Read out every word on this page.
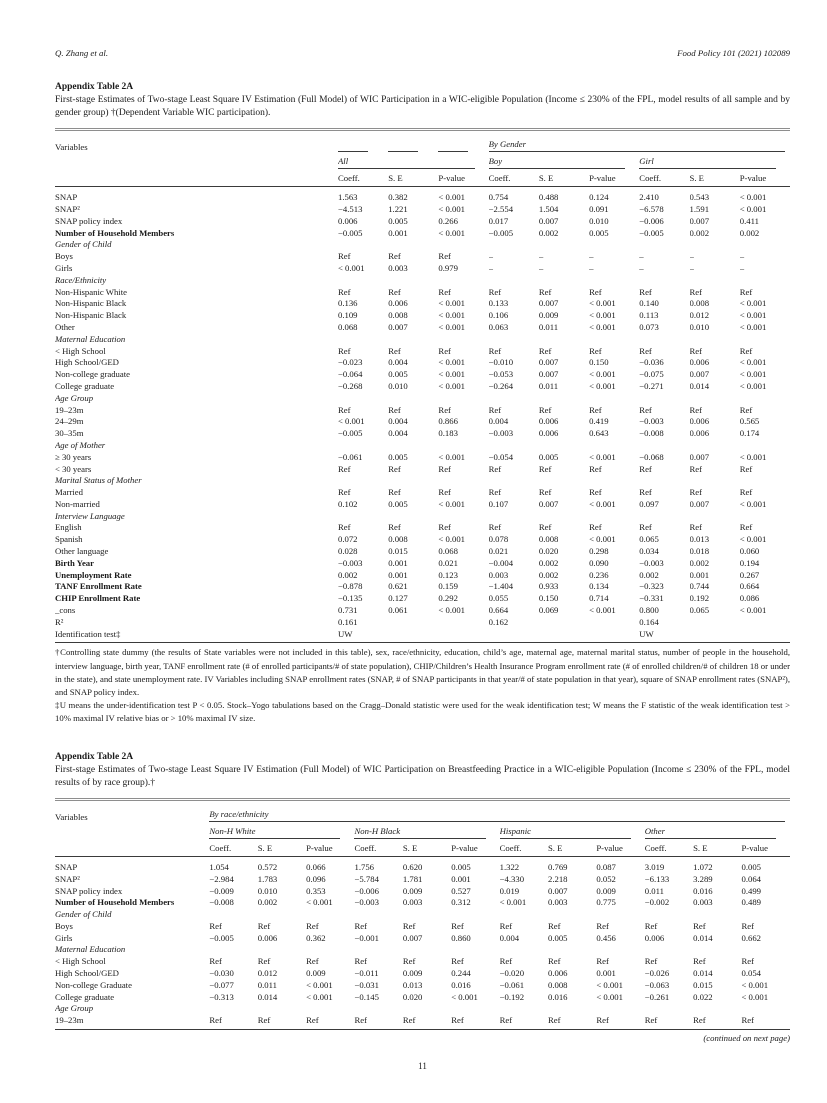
Q. Zhang et al.	Food Policy 101 (2021) 102089
Appendix Table 2A
First-stage Estimates of Two-stage Least Square IV Estimation (Full Model) of WIC Participation in a WIC-eligible Population (Income ≤ 230% of the FPL, model results of all sample and by gender group) †(Dependent Variable WIC participation).
Variables				By Gender					

	All			Boy			Girl		

	Coeff.	S. E	P-value	Coeff.	S. E	P-value	Coeff.	S. E	P-value
SNAP	1.563	0.382	< 0.001	0.754	0.488	0.124	2.410	0.543	< 0.001
SNAP²	−4.513	1.221	< 0.001	−2.554	1.504	0.091	−6.578	1.591	< 0.001
SNAP policy index	0.006	0.005	0.266	0.017	0.007	0.010	−0.006	0.007	0.411
Number of Household Members	−0.005	0.001	< 0.001	−0.005	0.002	0.005	−0.005	0.002	0.002
Gender of Child									
Boys	Ref	Ref	Ref	–	–	–	–	–	–
Girls	< 0.001	0.003	0.979	–	–	–	–	–	–
Race/Ethnicity									
Non-Hispanic White	Ref	Ref	Ref	Ref	Ref	Ref	Ref	Ref	Ref
Non-Hispanic Black	0.136	0.006	< 0.001	0.133	0.007	< 0.001	0.140	0.008	< 0.001
Non-Hispanic Black	0.109	0.008	< 0.001	0.106	0.009	< 0.001	0.113	0.012	< 0.001
Other	0.068	0.007	< 0.001	0.063	0.011	< 0.001	0.073	0.010	< 0.001
Maternal Education									
< High School	Ref	Ref	Ref	Ref	Ref	Ref	Ref	Ref	Ref
High School/GED	−0.023	0.004	< 0.001	−0.010	0.007	0.150	−0.036	0.006	< 0.001
Non-college graduate	−0.064	0.005	< 0.001	−0.053	0.007	< 0.001	−0.075	0.007	< 0.001
College graduate	−0.268	0.010	< 0.001	−0.264	0.011	< 0.001	−0.271	0.014	< 0.001
Age Group									
19–23m	Ref	Ref	Ref	Ref	Ref	Ref	Ref	Ref	Ref
24–29m	< 0.001	0.004	0.866	0.004	0.006	0.419	−0.003	0.006	0.565
30–35m	−0.005	0.004	0.183	−0.003	0.006	0.643	−0.008	0.006	0.174
Age of Mother									
≥ 30 years	−0.061	0.005	< 0.001	−0.054	0.005	< 0.001	−0.068	0.007	< 0.001
< 30 years	Ref	Ref	Ref	Ref	Ref	Ref	Ref	Ref	Ref
Marital Status of Mother									
Married	Ref	Ref	Ref	Ref	Ref	Ref	Ref	Ref	Ref
Non-married	0.102	0.005	< 0.001	0.107	0.007	< 0.001	0.097	0.007	< 0.001
Interview Language									
English	Ref	Ref	Ref	Ref	Ref	Ref	Ref	Ref	Ref
Spanish	0.072	0.008	< 0.001	0.078	0.008	< 0.001	0.065	0.013	< 0.001
Other language	0.028	0.015	0.068	0.021	0.020	0.298	0.034	0.018	0.060
Birth Year	−0.003	0.001	0.021	−0.004	0.002	0.090	−0.003	0.002	0.194
Unemployment Rate	0.002	0.001	0.123	0.003	0.002	0.236	0.002	0.001	0.267
TANF Enrollment Rate	−0.878	0.621	0.159	−1.404	0.933	0.134	−0.323	0.744	0.664
CHIP Enrollment Rate	−0.135	0.127	0.292	0.055	0.150	0.714	−0.331	0.192	0.086
_cons	0.731	0.061	< 0.001	0.664	0.069	< 0.001	0.800	0.065	< 0.001
R²	0.161			0.162			0.164		
Identification test‡	UW						UW		

†Controlling state dummy (the results of State variables were not included in this table), sex, race/ethnicity, education, child’s age, maternal age, maternal marital status, number of people in the household, interview language, birth year, TANF enrollment rate (# of enrolled participants/# of state population), CHIP/Children’s Health Insurance Program enrollment rate (# of enrolled children/# of children 18 or under in the state), and state unemployment rate. IV Variables including SNAP enrollment rates (SNAP, # of SNAP participants in that year/# of state population in that year), square of SNAP enrollment rates (SNAP²), and SNAP policy index.

‡U means the under-identification test P < 0.05. Stock–Yogo tabulations based on the Cragg–Donald statistic were used for the weak identification test; W means the F statistic of the weak identification test > 10% maximal IV relative bias or > 10% maximal IV size.

Appendix Table 2A
First-stage Estimates of Two-stage Least Square IV Estimation (Full Model) of WIC Participation on Breastfeeding Practice in a WIC-eligible Population (Income ≤ 230% of the FPL, model results of by race group).†
Variables	By race/ethnicity											

	Non-H White			Non-H Black			Hispanic			Other		

	Coeff.	S. E	P-value	Coeff.	S. E	P-value	Coeff.	S. E	P-value	Coeff.	S. E	P-value
SNAP	1.054	0.572	0.066	1.756	0.620	0.005	1.322	0.769	0.087	3.019	1.072	0.005
SNAP²	−2.984	1.783	0.096	−5.784	1.781	0.001	−4.330	2.218	0.052	−6.133	3.289	0.064
SNAP policy index	−0.009	0.010	0.353	−0.006	0.009	0.527	0.019	0.007	0.009	0.011	0.016	0.499
Number of Household Members	−0.008	0.002	< 0.001	−0.003	0.003	0.312	< 0.001	0.003	0.775	−0.002	0.003	0.489
Gender of Child												
Boys	Ref	Ref	Ref	Ref	Ref	Ref	Ref	Ref	Ref	Ref	Ref	Ref
Girls	−0.005	0.006	0.362	−0.001	0.007	0.860	0.004	0.005	0.456	0.006	0.014	0.662
Maternal Education												
< High School	Ref	Ref	Ref	Ref	Ref	Ref	Ref	Ref	Ref	Ref	Ref	Ref
High School/GED	−0.030	0.012	0.009	−0.011	0.009	0.244	−0.020	0.006	0.001	−0.026	0.014	0.054
Non-college Graduate	−0.077	0.011	< 0.001	−0.031	0.013	0.016	−0.061	0.008	< 0.001	−0.063	0.015	< 0.001
College graduate	−0.313	0.014	< 0.001	−0.145	0.020	< 0.001	−0.192	0.016	< 0.001	−0.261	0.022	< 0.001
Age Group												
19–23m	Ref	Ref	Ref	Ref	Ref	Ref	Ref	Ref	Ref	Ref	Ref	Ref
(continued on next page)
11
